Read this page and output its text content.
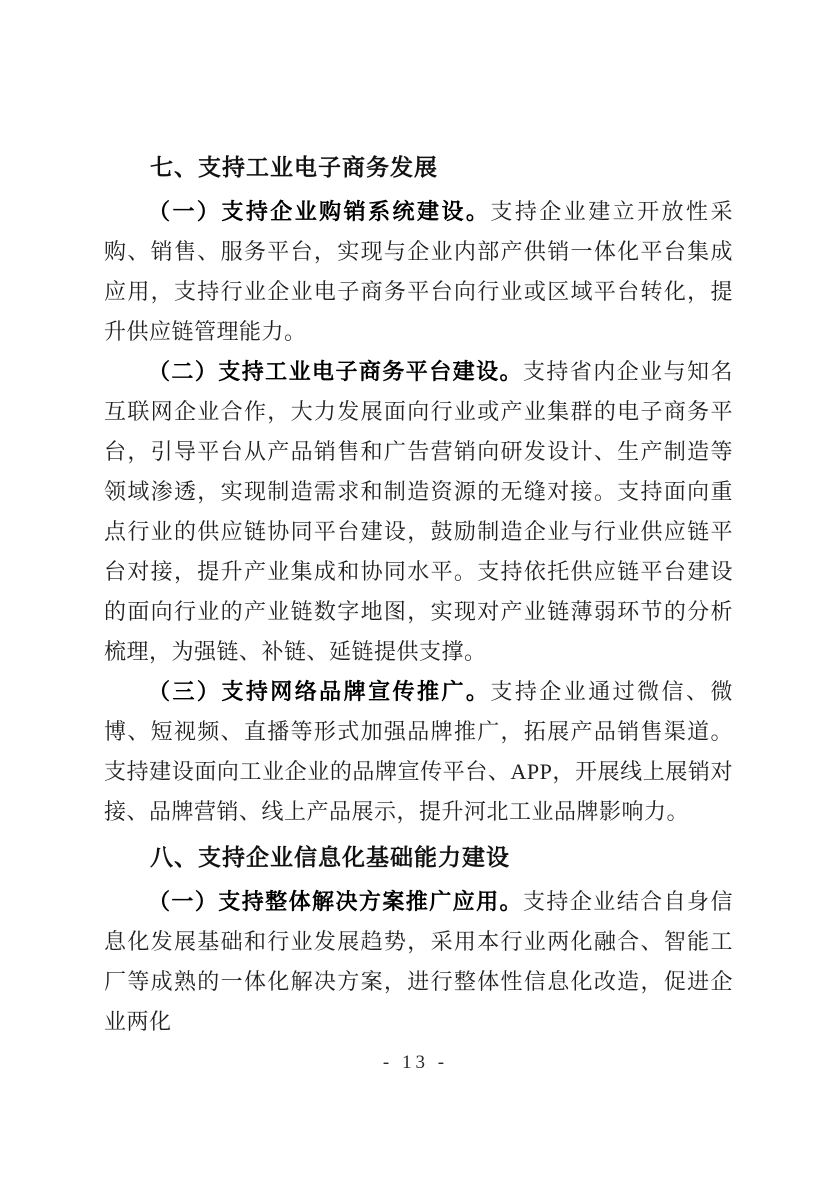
七、支持工业电子商务发展

（一）支持企业购销系统建设。支持企业建立开放性采购、销售、服务平台，实现与企业内部产供销一体化平台集成应用，支持行业企业电子商务平台向行业或区域平台转化，提升供应链管理能力。

（二）支持工业电子商务平台建设。支持省内企业与知名互联网企业合作，大力发展面向行业或产业集群的电子商务平台，引导平台从产品销售和广告营销向研发设计、生产制造等领域渗透，实现制造需求和制造资源的无缝对接。支持面向重点行业的供应链协同平台建设，鼓励制造企业与行业供应链平台对接，提升产业集成和协同水平。支持依托供应链平台建设的面向行业的产业链数字地图，实现对产业链薄弱环节的分析梳理，为强链、补链、延链提供支撑。

（三）支持网络品牌宣传推广。支持企业通过微信、微博、短视频、直播等形式加强品牌推广，拓展产品销售渠道。支持建设面向工业企业的品牌宣传平台、APP，开展线上展销对接、品牌营销、线上产品展示，提升河北工业品牌影响力。

八、支持企业信息化基础能力建设

（一）支持整体解决方案推广应用。支持企业结合自身信息化发展基础和行业发展趋势，采用本行业两化融合、智能工厂等成熟的一体化解决方案，进行整体性信息化改造，促进企业两化

- 13 -
